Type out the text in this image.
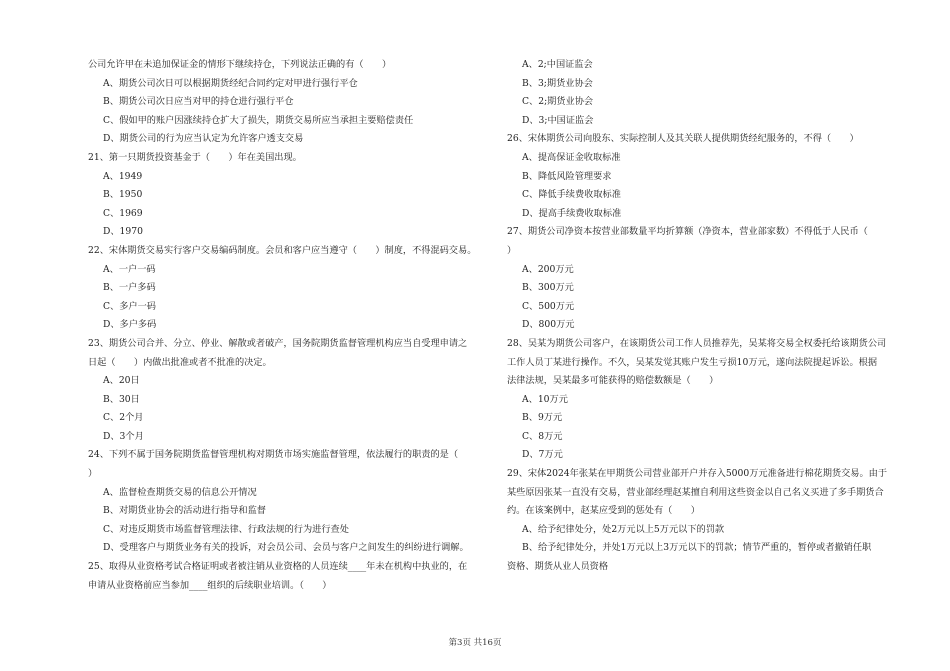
公司允许甲在未追加保证金的情形下继续持仓，下列说法正确的有（　　）
A、期货公司次日可以根据期货经纪合同约定对甲进行强行平仓
B、期货公司次日应当对甲的持仓进行强行平仓
C、假如甲的账户因涨续持仓扩大了损失，期货交易所应当承担主要赔偿责任
D、期货公司的行为应当认定为允许客户透支交易
21、第一只期货投资基金于（　　）年在美国出现。
A、1949
B、1950
C、1969
D、1970
22、宋体期货交易实行客户交易编码制度。会员和客户应当遵守（　　）制度，不得混码交易。
A、一户一码
B、一户多码
C、多户一码
D、多户多码
23、期货公司合并、分立、停业、解散或者破产，国务院期货监督管理机构应当自受理申请之
日起（　　）内做出批准或者不批准的决定。
A、20日
B、30日
C、2个月
D、3个月
24、下列不属于国务院期货监督管理机构对期货市场实施监督管理，依法履行的职责的是（
）
A、监督检查期货交易的信息公开情况
B、对期货业协会的活动进行指导和监督
C、对违反期货市场监督管理法律、行政法规的行为进行查处
D、受理客户与期货业务有关的投诉，对会员公司、会员与客户之间发生的纠纷进行调解。
25、取得从业资格考试合格证明或者被注销从业资格的人员连续____年未在机构中执业的，在
申请从业资格前应当参加____组织的后续职业培训。（　　）
A、2;中国证监会
B、3;期货业协会
C、2;期货业协会
D、3;中国证监会
26、宋体期货公司向股东、实际控制人及其关联人提供期货经纪服务的，不得（　　）
A、提高保证金收取标准
B、降低风险管理要求
C、降低手续费收取标准
D、提高手续费收取标准
27、期货公司净资本按营业部数量平均折算额（净资本，营业部家数）不得低于人民币（
）
A、200万元
B、300万元
C、500万元
D、800万元
28、吴某为期货公司客户，在该期货公司工作人员推荐先，吴某将交易全权委托给该期货公司
工作人员丁某进行操作。不久，吴某发觉其账户发生亏损10万元，遂向法院提起诉讼。根据
法律法规，吴某最多可能获得的赔偿数额是（　　）
A、10万元
B、9万元
C、8万元
D、7万元
29、宋体2024年张某在甲期货公司营业部开户并存入5000万元准备进行棉花期货交易。由于
某些原因张某一直没有交易，营业部经理赵某擅自利用这些资金以自己名义买进了多手期货合
约。在该案例中，赵某应受到的惩处有（　　）
A、给予纪律处分，处2万元以上5万元以下的罚款
B、给予纪律处分，并处1万元以上3万元以下的罚款；情节严重的，暂停或者撤销任职
资格、期货从业人员资格
第3页 共16页
